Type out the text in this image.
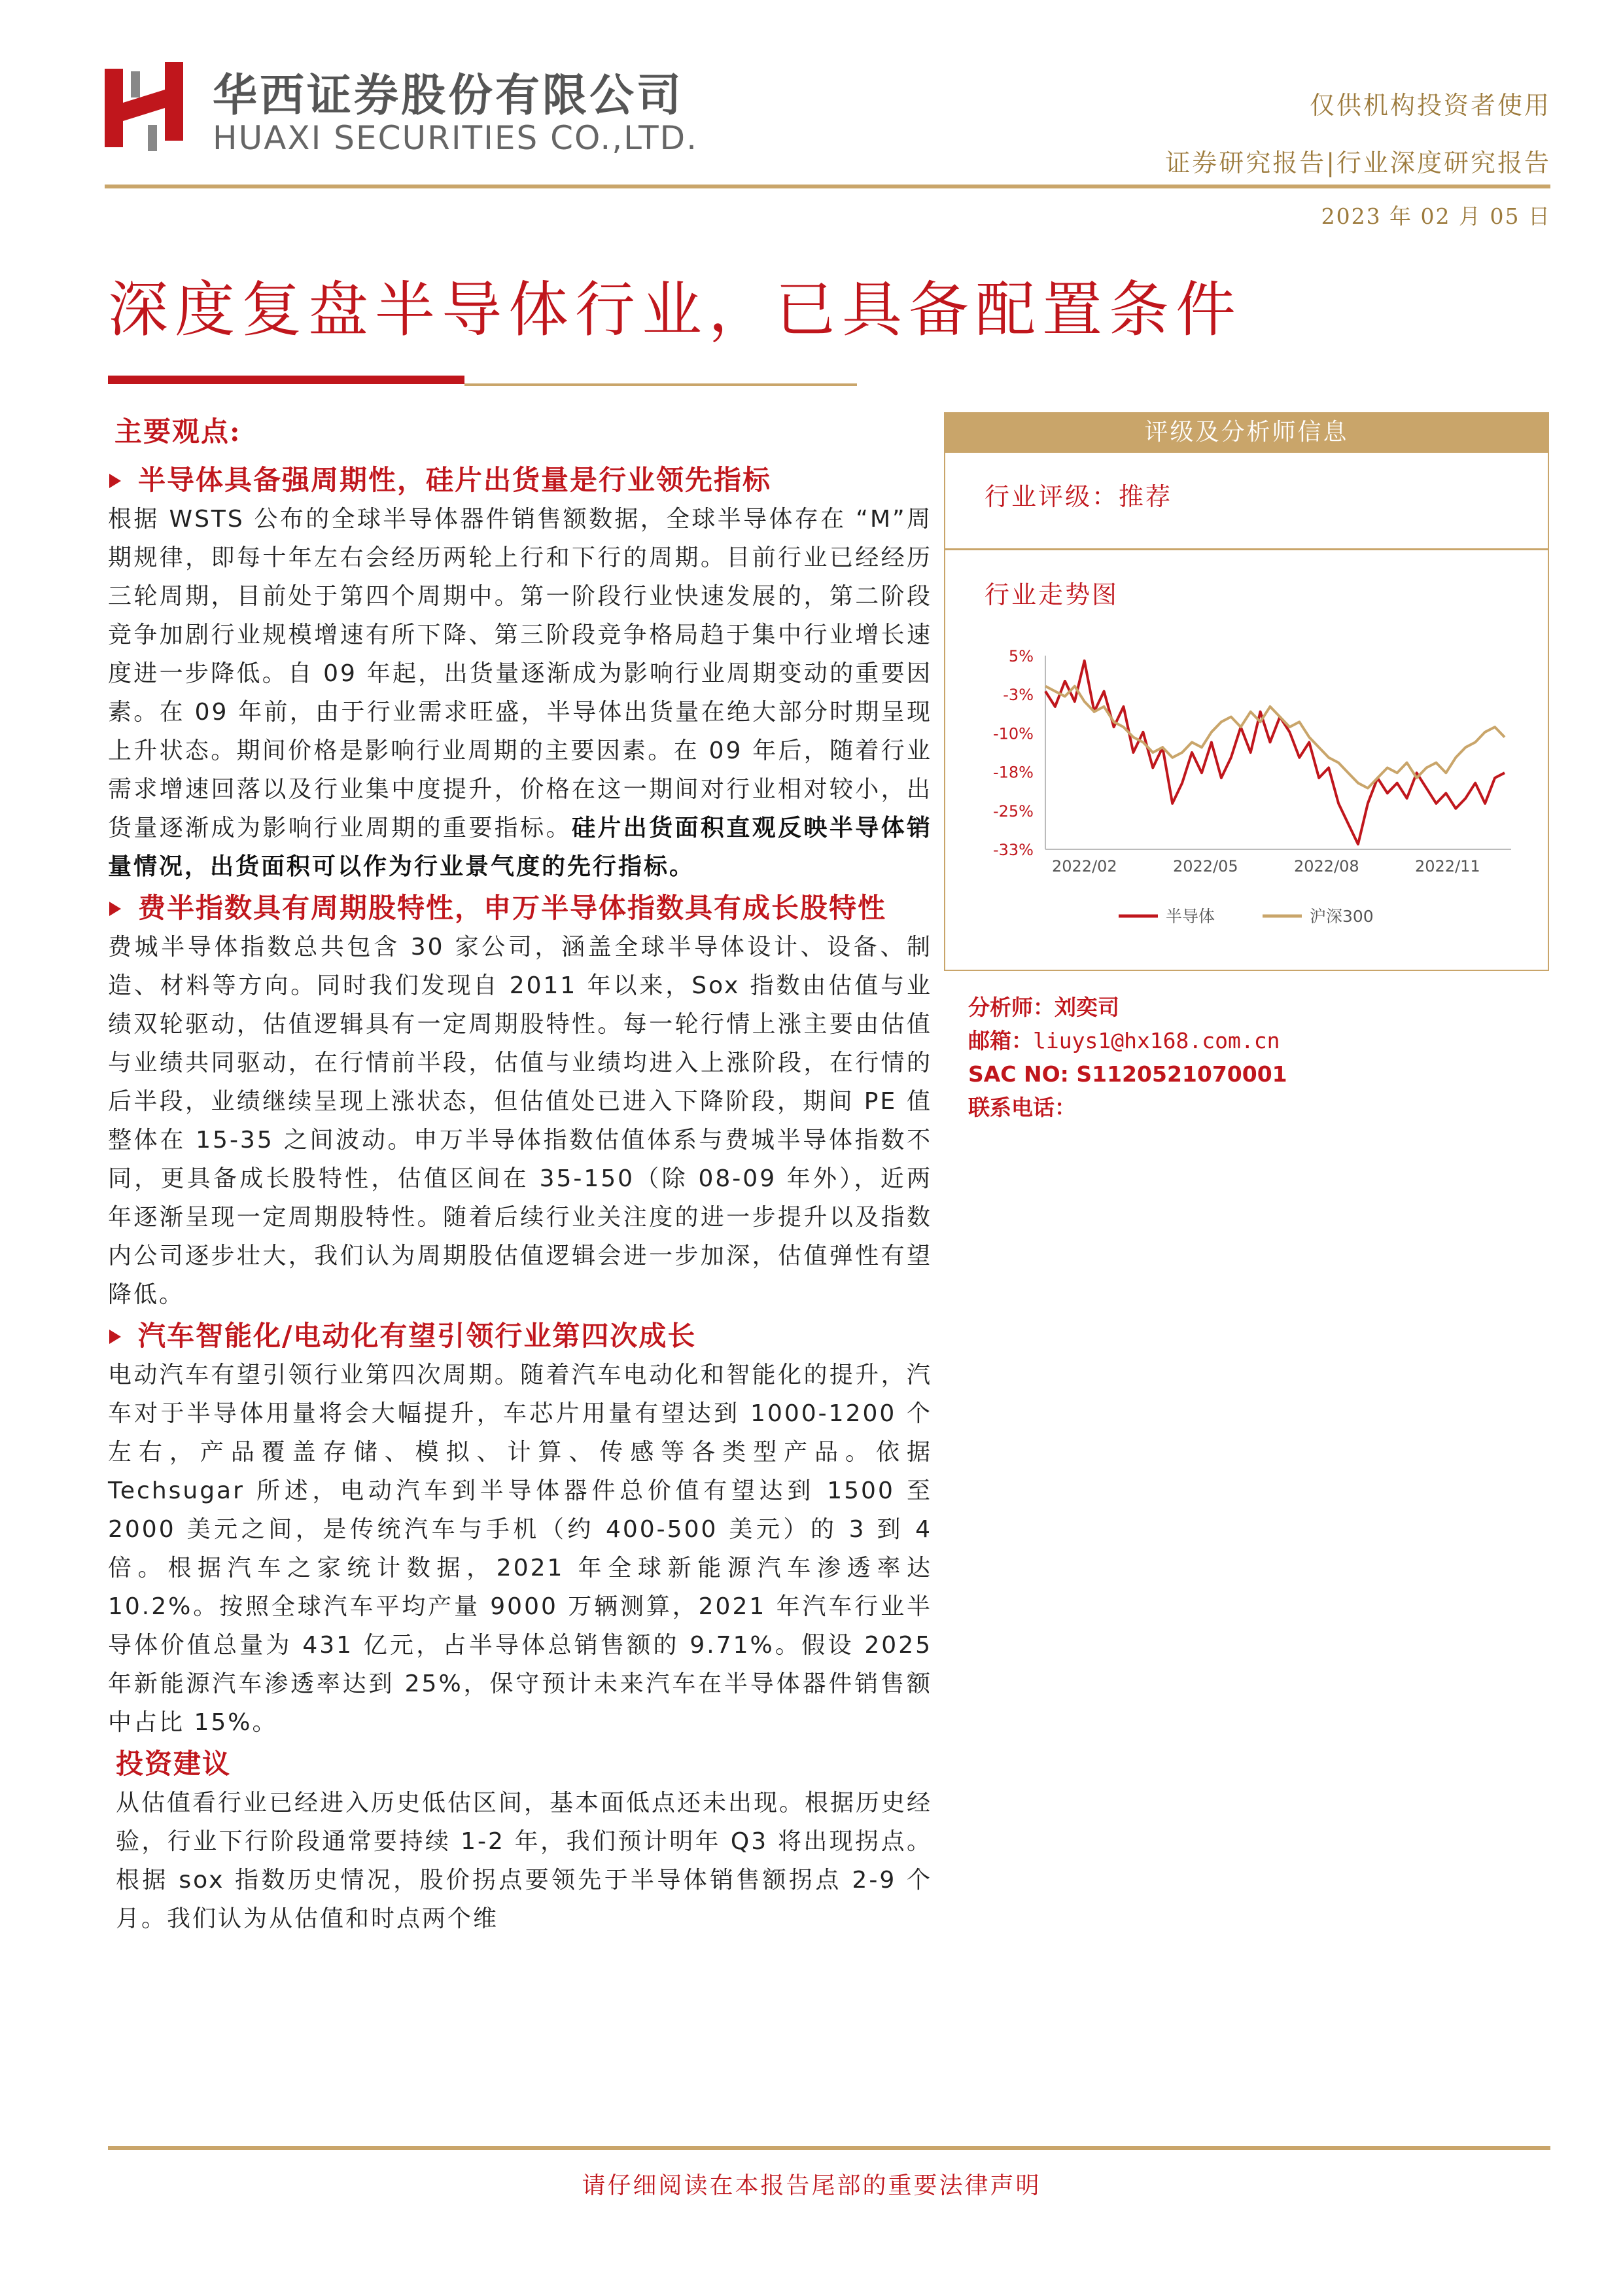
华西证券股份有限公司
HUAXI SECURITIES CO.,LTD.
仅供机构投资者使用
证券研究报告|行业深度研究报告
2023 年 02 月 05 日
深度复盘半导体行业，已具备配置条件
主要观点:
半导体具备强周期性，硅片出货量是行业领先指标
根据 WSTS 公布的全球半导体器件销售额数据，全球半导体存在 “M”周期规律，即每十年左右会经历两轮上行和下行的周期。目前行业已经经历三轮周期，目前处于第四个周期中。第一阶段行业快速发展的，第二阶段竞争加剧行业规模增速有所下降、第三阶段竞争格局趋于集中行业增长速度进一步降低。自 09 年起，出货量逐渐成为影响行业周期变动的重要因素。在 09 年前，由于行业需求旺盛，半导体出货量在绝大部分时期呈现上升状态。期间价格是影响行业周期的主要因素。在 09 年后，随着行业需求增速回落以及行业集中度提升，价格在这一期间对行业相对较小，出货量逐渐成为影响行业周期的重要指标。硅片出货面积直观反映半导体销量情况，出货面积可以作为行业景气度的先行指标。
费半指数具有周期股特性，申万半导体指数具有成长股特性
费城半导体指数总共包含 30 家公司，涵盖全球半导体设计、设备、制造、材料等方向。同时我们发现自 2011 年以来，Sox 指数由估值与业绩双轮驱动，估值逻辑具有一定周期股特性。每一轮行情上涨主要由估值与业绩共同驱动，在行情前半段，估值与业绩均进入上涨阶段，在行情的后半段，业绩继续呈现上涨状态，但估值处已进入下降阶段，期间 PE 值整体在 15-35 之间波动。申万半导体指数估值体系与费城半导体指数不同，更具备成长股特性，估值区间在 35-150（除 08-09 年外），近两年逐渐呈现一定周期股特性。随着后续行业关注度的进一步提升以及指数内公司逐步壮大，我们认为周期股估值逻辑会进一步加深，估值弹性有望降低。
汽车智能化/电动化有望引领行业第四次成长
电动汽车有望引领行业第四次周期。随着汽车电动化和智能化的提升，汽车对于半导体用量将会大幅提升，车芯片用量有望达到 1000-1200 个左右，产品覆盖存储、模拟、计算、传感等各类型产品。依据 Techsugar 所述，电动汽车到半导体器件总价值有望达到 1500 至 2000 美元之间，是传统汽车与手机（约 400-500 美元）的 3 到 4 倍。根据汽车之家统计数据，2021 年全球新能源汽车渗透率达 10.2%。按照全球汽车平均产量 9000 万辆测算，2021 年汽车行业半导体价值总量为 431 亿元，占半导体总销售额的 9.71%。假设 2025 年新能源汽车渗透率达到 25%，保守预计未来汽车在半导体器件销售额中占比 15%。
投资建议
从估值看行业已经进入历史低估区间，基本面低点还未出现。根据历史经验，行业下行阶段通常要持续 1-2 年，我们预计明年 Q3 将出现拐点。根据 sox 指数历史情况，股价拐点要领先于半导体销售额拐点 2-9 个月。我们认为从估值和时点两个维
评级及分析师信息
行业评级：推荐
行业走势图
5%
-3%
-10%
-18%
-25%
-33%
2022/02	2022/05	2022/08	2022/11
半导体	沪深300
分析师：刘奕司
邮箱：liuys1@hx168.com.cn
SAC NO: S1120521070001
联系电话：
请仔细阅读在本报告尾部的重要法律声明
